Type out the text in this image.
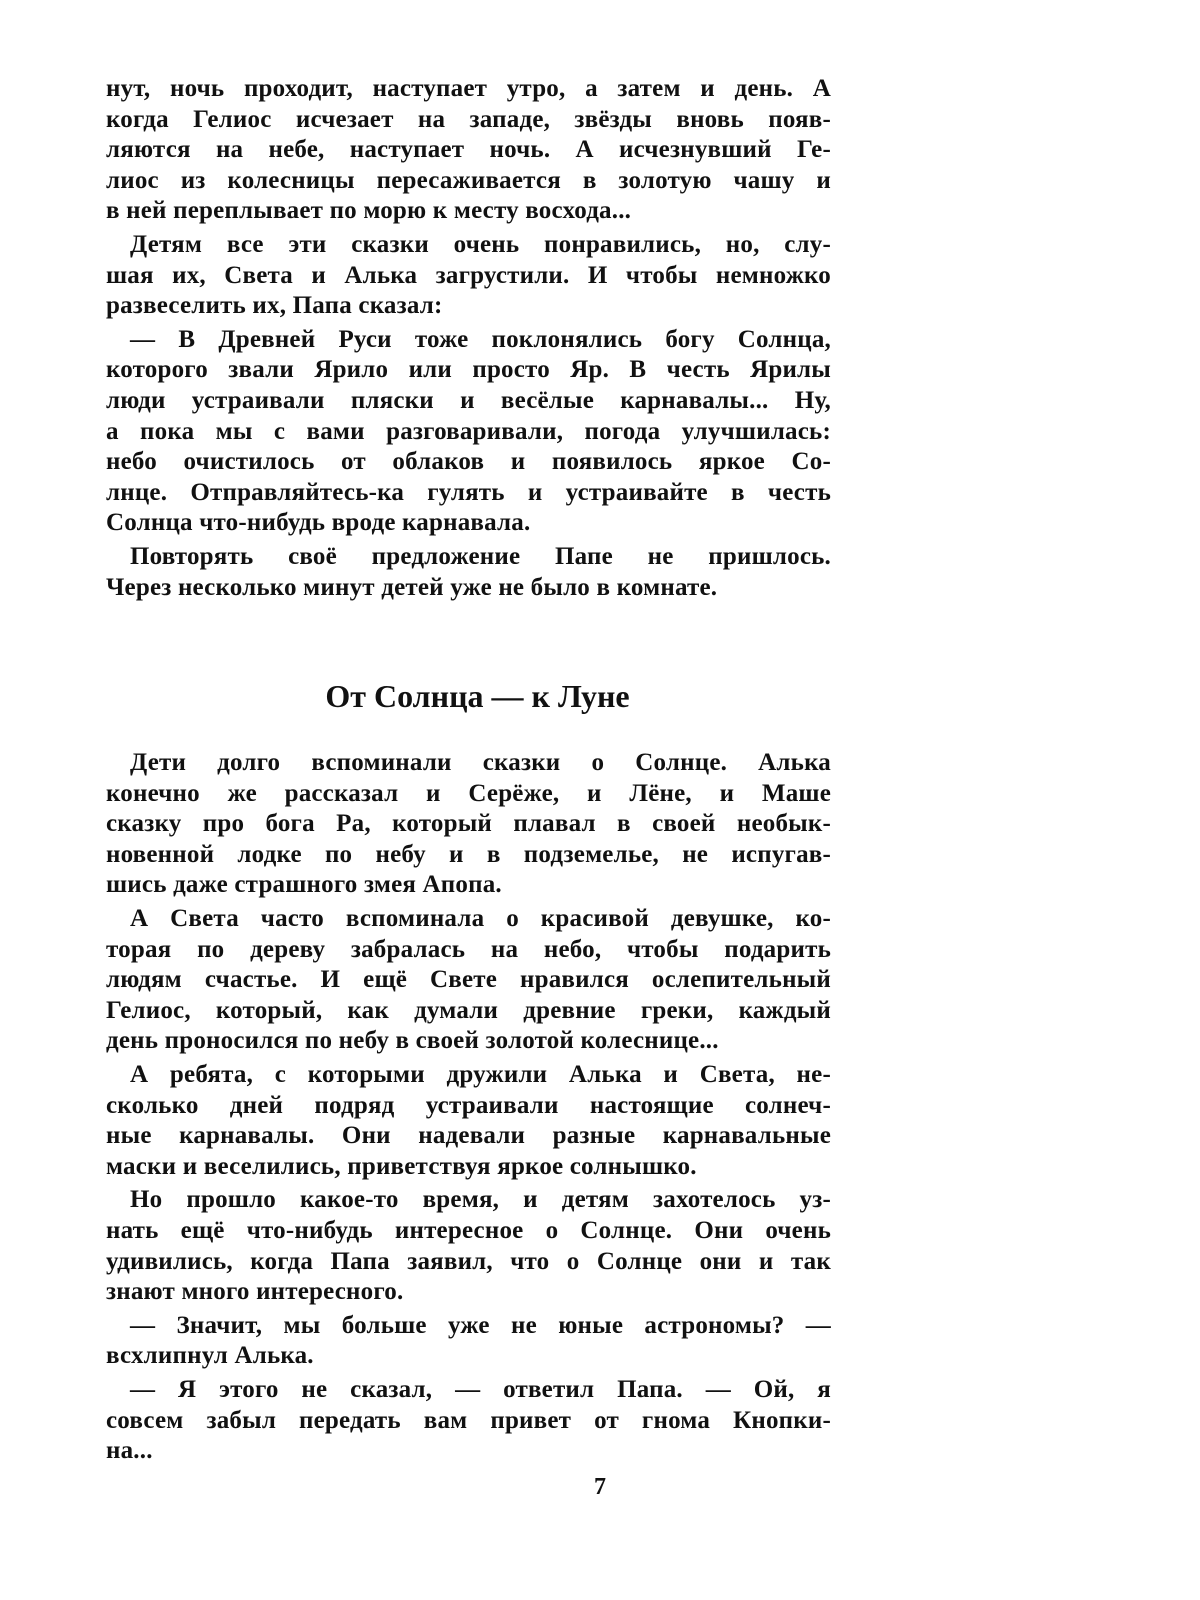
нут, ночь проходит, наступает утро, а затем и день. А
когда Гелиос исчезает на западе, звёзды вновь появ-
ляются на небе, наступает ночь. А исчезнувший Ге-
лиос из колесницы пересаживается в золотую чашу и
в ней переплывает по морю к месту восхода...
Детям все эти сказки очень понравились, но, слу-
шая их, Света и Алька загрустили. И чтобы немножко
развеселить их, Папа сказал:
— В Древней Руси тоже поклонялись богу Солнца,
которого звали Ярило или просто Яр. В честь Ярилы
люди устраивали пляски и весёлые карнавалы... Ну,
а пока мы с вами разговаривали, погода улучшилась:
небо очистилось от облаков и появилось яркое Со-
лнце. Отправляйтесь-ка гулять и устраивайте в честь
Солнца что-нибудь вроде карнавала.
Повторять своё предложение Папе не пришлось.
Через несколько минут детей уже не было в комнате.
От Солнца — к Луне
Дети долго вспоминали сказки о Солнце. Алька
конечно же рассказал и Серёже, и Лёне, и Маше
сказку про бога Ра, который плавал в своей необык-
новенной лодке по небу и в подземелье, не испугав-
шись даже страшного змея Апопа.
А Света часто вспоминала о красивой девушке, ко-
торая по дереву забралась на небо, чтобы подарить
людям счастье. И ещё Свете нравился ослепительный
Гелиос, который, как думали древние греки, каждый
день проносился по небу в своей золотой колеснице...
А ребята, с которыми дружили Алька и Света, не-
сколько дней подряд устраивали настоящие солнеч-
ные карнавалы. Они надевали разные карнавальные
маски и веселились, приветствуя яркое солнышко.
Но прошло какое-то время, и детям захотелось уз-
нать ещё что-нибудь интересное о Солнце. Они очень
удивились, когда Папа заявил, что о Солнце они и так
знают много интересного.
— Значит, мы больше уже не юные астрономы? —
всхлипнул Алька.
— Я этого не сказал, — ответил Папа. — Ой, я
совсем забыл передать вам привет от гнома Кнопки-
на...
7
